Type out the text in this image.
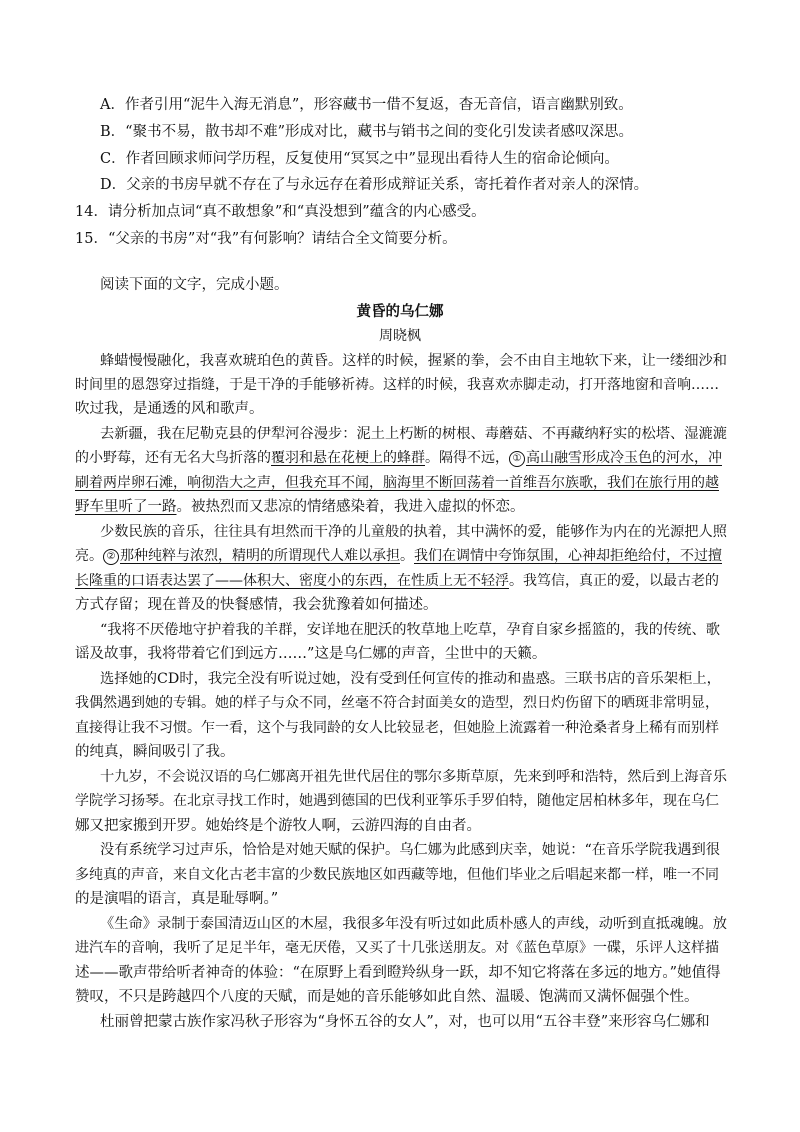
A．作者引用“泥牛入海无消息”，形容藏书一借不复返，杳无音信，语言幽默别致。
B．“聚书不易，散书却不难”形成对比，藏书与销书之间的变化引发读者感叹深思。
C．作者回顾求师问学历程，反复使用“冥冥之中”显现出看待人生的宿命论倾向。
D．父亲的书房早就不存在了与永远存在着形成辩证关系，寄托着作者对亲人的深情。
14．请分析加点词“真不敢想象”和“真没想到”蕴含的内心感受。
15．“父亲的书房”对“我”有何影响？请结合全文简要分析。
阅读下面的文字，完成小题。
黄昏的乌仁娜
周晓枫
蜂蜡慢慢融化，我喜欢琥珀色的黄昏。这样的时候，握紧的拳，会不由自主地软下来，让一缕细沙和
时间里的恩怨穿过指缝，于是干净的手能够祈祷。这样的时候，我喜欢赤脚走动，打开落地窗和音响……
吹过我，是通透的风和歌声。
去新疆，我在尼勒克县的伊犁河谷漫步：泥土上朽断的树根、毒蘑菇、不再藏纳籽实的松塔、湿漉漉
的小野莓，还有无名大鸟折落的覆羽和悬在花梗上的蜂群。隔得不远， ① 高山融雪形成冷玉色的河水，冲
刷着两岸卵石滩，响彻浩大之声，但我充耳不闻，脑海里不断回荡着一首维吾尔族歌，我们在旅行用的越
野车里听了一路。被热烈而又悲凉的情绪感染着，我进入虚拟的怀恋。
少数民族的音乐，往往具有坦然而干净的儿童般的执着，其中满怀的爱，能够作为内在的光源把人照
亮。 ② 那种纯粹与浓烈，精明的所谓现代人难以承担。我们在调情中夸饰氛围，心神却拒绝给付，不过擅
长隆重的口语表达罢了——体积大、密度小的东西，在性质上无不轻浮。我笃信，真正的爱，以最古老的
方式存留；现在普及的快餐感情，我会犹豫着如何描述。
“我将不厌倦地守护着我的羊群，安详地在肥沃的牧草地上吃草，孕育自家乡摇篮的，我的传统、歌
谣及故事，我将带着它们到远方……”这是乌仁娜的声音，尘世中的天籁。
选择她的CD时，我完全没有听说过她，没有受到任何宣传的推动和蛊惑。三联书店的音乐架柜上，
我偶然遇到她的专辑。她的样子与众不同，丝毫不符合封面美女的造型，烈日灼伤留下的晒斑非常明显，
直接得让我不习惯。乍一看，这个与我同龄的女人比较显老，但她脸上流露着一种沧桑者身上稀有而别样
的纯真，瞬间吸引了我。
十九岁，不会说汉语的乌仁娜离开祖先世代居住的鄂尔多斯草原，先来到呼和浩特，然后到上海音乐
学院学习扬琴。在北京寻找工作时，她遇到德国的巴伐利亚筝乐手罗伯特，随他定居柏林多年，现在乌仁
娜又把家搬到开罗。她始终是个游牧人啊，云游四海的自由者。
没有系统学习过声乐，恰恰是对她天赋的保护。乌仁娜为此感到庆幸，她说：“在音乐学院我遇到很
多纯真的声音，来自文化古老丰富的少数民族地区如西藏等地，但他们毕业之后唱起来都一样，唯一不同
的是演唱的语言，真是耻辱啊。”
《生命》录制于泰国清迈山区的木屋，我很多年没有听过如此质朴感人的声线，动听到直抵魂魄。放
进汽车的音响，我听了足足半年，毫无厌倦，又买了十几张送朋友。对《蓝色草原》一碟，乐评人这样描
述——歌声带给听者神奇的体验：“在原野上看到瞪羚纵身一跃，却不知它将落在多远的地方。”她值得
赞叹，不只是跨越四个八度的天赋，而是她的音乐能够如此自然、温暖、饱满而又满怀倔强个性。
杜丽曾把蒙古族作家冯秋子形容为“身怀五谷的女人”，对，也可以用“五谷丰登”来形容乌仁娜和
